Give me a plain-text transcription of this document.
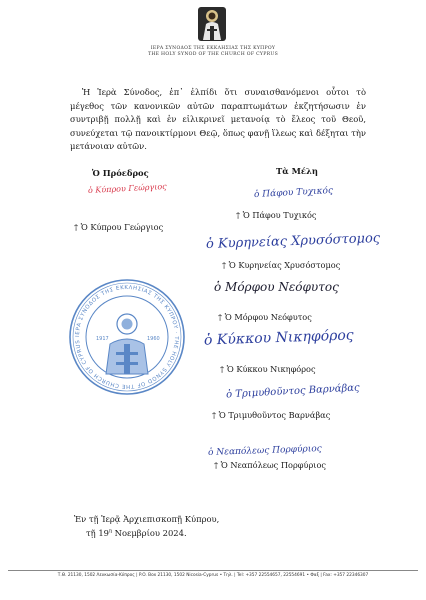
ΙΕΡΑ ΣΥΝΟΔΟΣ ΤΗΣ ΕΚΚΛΗΣΙΑΣ ΤΗΣ ΚΥΠΡΟΥ
THE HOLY SYNOD OF THE CHURCH OF CYPRUS
Ἡ Ἱερὰ Σύνοδος, ἐπ᾽ ἐλπίδι ὅτι συναισθανόμενοι οὗτοι τὸ μέγεθος τῶν κανονικῶν αὐτῶν παραπτωμάτων ἐκζητήσωσιν ἐν συντριβῇ πολλῇ καὶ ἐν εἰλικρινεῖ μετανοίᾳ τὸ ἔλεος τοῦ Θεοῦ, συνεύχεται τῷ πανοικτίρμονι Θεῷ, ὅπως φανῇ ἵλεως καὶ δέξηται τὴν μετάνοιαν αὐτῶν.
Ὁ Πρόεδρος	Τὰ Μέλη
ὁ Κύπρου Γεώργιος
† Ὁ Κύπρου Γεώργιος
ΙΕΡΑ ΣΥΝΟΔΟΣ ΤΗΣ ΕΚΚΛΗΣΙΑΣ ΤΗΣ ΚΥΠΡΟΥ · THE HOLY SYNOD OF THE CHURCH OF CYPRUS	1917	1960
ὁ Πάφου Τυχικός
† Ὁ Πάφου Τυχικός
ὁ Κυρηνείας Χρυσόστομος
† Ὁ Κυρηνείας Χρυσόστομος
ὁ Μόρφου Νεόφυτος
† Ὁ Μόρφου Νεόφυτος
ὁ Κύκκου Νικηφόρος
† Ὁ Κύκκου Νικηφόρος
ὁ Τριμυθοῦντος Βαρνάβας
† Ὁ Τριμυθοῦντος Βαρνάβας
ὁ Νεαπόλεως Πορφύριος
† Ὁ Νεαπόλεως Πορφύριος
Ἐν τῇ Ἱερᾷ Ἀρχιεπισκοπῇ Κύπρου,
τῇ $19^ῃ$ Νοεμβρίου 2024.
Τ.Θ. 21130, 1502 Λευκωσία-Κύπρος | P.O. Box 21130, 1502 Nicosia-Cyprus • Τηλ. | Tel: +357 22554657, 22554691 • Φαξ | Fax: +357 22346307
